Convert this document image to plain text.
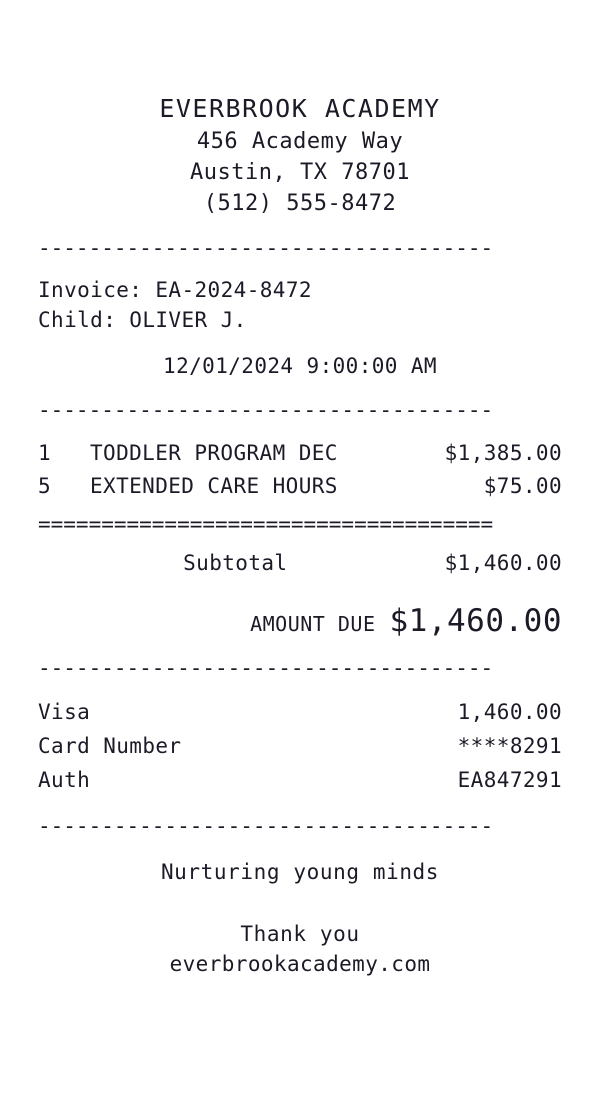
EVERBROOK ACADEMY
456 Academy Way
Austin, TX 78701
(512) 555-8472
------------------------------------
Invoice: EA-2024-8472
Child: OLIVER J.
12/01/2024 9:00:00 AM
------------------------------------
1	TODDLER PROGRAM DEC	$1,385.00
5	EXTENDED CARE HOURS	$75.00
====================================
Subtotal	$1,460.00
AMOUNT DUE $1,460.00
------------------------------------
Visa	1,460.00
Card Number	****8291
Auth	EA847291
------------------------------------
Nurturing young minds
Thank you
everbrookacademy.com
